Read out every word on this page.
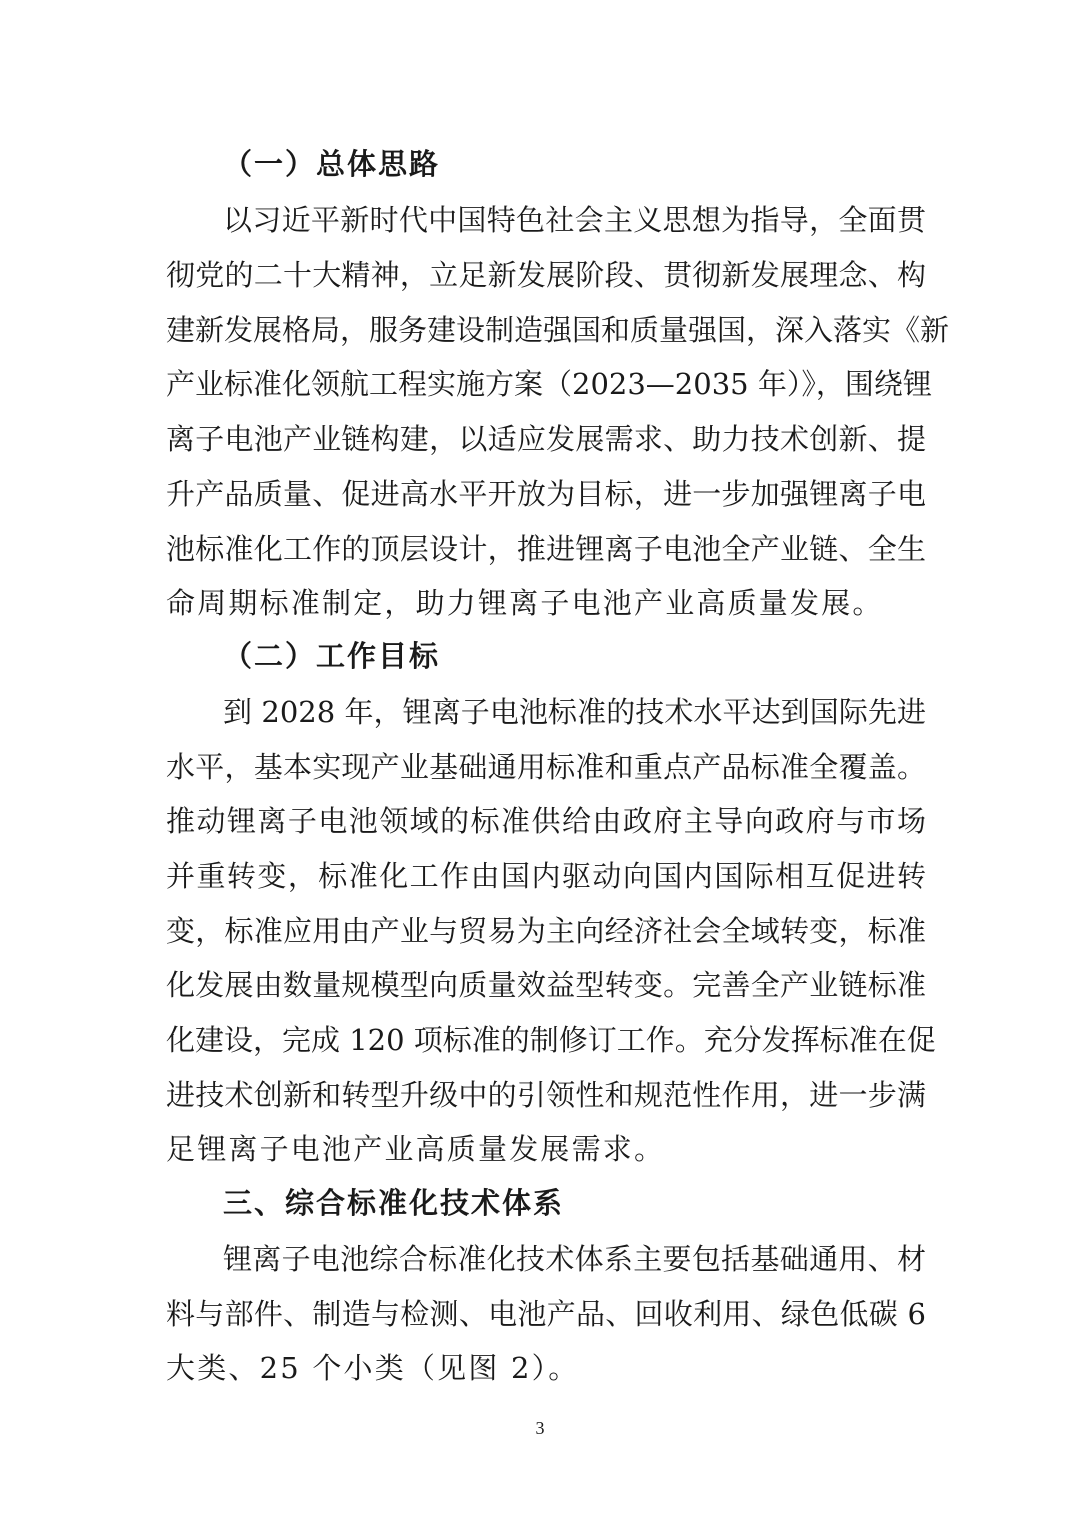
（一）总体思路
以习近平新时代中国特色社会主义思想为指导，全面贯
彻党的二十大精神，立足新发展阶段、贯彻新发展理念、构
建新发展格局，服务建设制造强国和质量强国，深入落实《新
产业标准化领航工程实施方案（2023—2035 年）》，围绕锂
离子电池产业链构建，以适应发展需求、助力技术创新、提
升产品质量、促进高水平开放为目标，进一步加强锂离子电
池标准化工作的顶层设计，推进锂离子电池全产业链、全生
命周期标准制定，助力锂离子电池产业高质量发展。
（二）工作目标
到 2028 年，锂离子电池标准的技术水平达到国际先进
水平，基本实现产业基础通用标准和重点产品标准全覆盖。
推动锂离子电池领域的标准供给由政府主导向政府与市场
并重转变，标准化工作由国内驱动向国内国际相互促进转
变，标准应用由产业与贸易为主向经济社会全域转变，标准
化发展由数量规模型向质量效益型转变。完善全产业链标准
化建设，完成 120 项标准的制修订工作。充分发挥标准在促
进技术创新和转型升级中的引领性和规范性作用，进一步满
足锂离子电池产业高质量发展需求。
三、综合标准化技术体系
锂离子电池综合标准化技术体系主要包括基础通用、材
料与部件、制造与检测、电池产品、回收利用、绿色低碳 6
大类、25 个小类（见图 2）。
3
